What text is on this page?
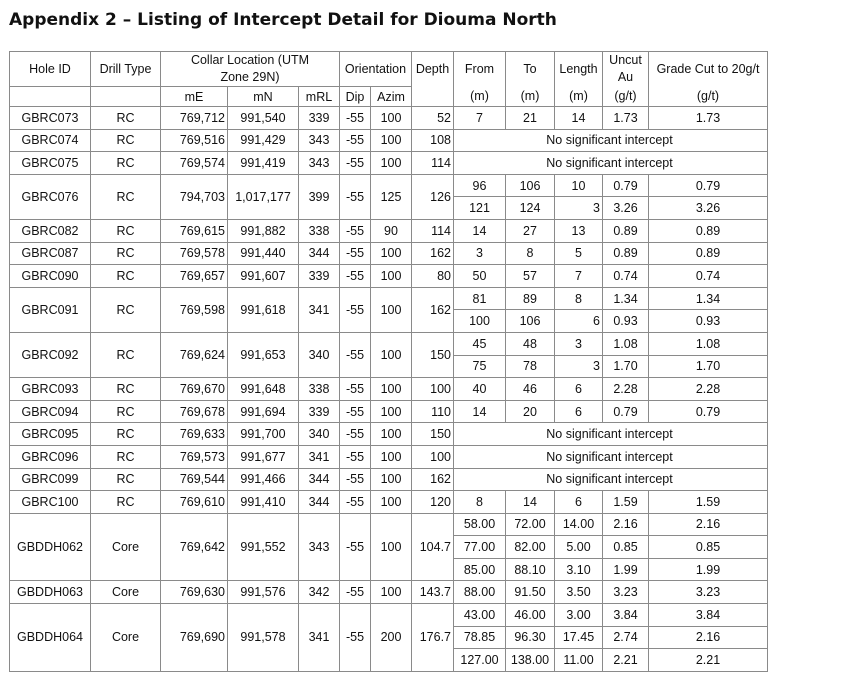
Appendix 2 – Listing of Intercept Detail for Diouma North
Hole ID	Drill Type	Collar Location (UTM Zone 29N)			Orientation		Depth	From	To	Length	Uncut Au	Grade Cut to 20g/t

		mE	mN	mRL	Dip	Azim		(m)	(m)	(m)	(g/t)	(g/t)
GBRC073	RC	769,712	991,540	339	-55	100	52	7	21	14	1.73	1.73
GBRC074	RC	769,516	991,429	343	-55	100	108	No significant intercept				
GBRC075	RC	769,574	991,419	343	-55	100	114	No significant intercept				
GBRC076	RC	794,703	1,017,177	399	-55	125	126	96	106	10	0.79	0.79
								121	124	3	3.26	3.26
GBRC082	RC	769,615	991,882	338	-55	90	114	14	27	13	0.89	0.89
GBRC087	RC	769,578	991,440	344	-55	100	162	3	8	5	0.89	0.89
GBRC090	RC	769,657	991,607	339	-55	100	80	50	57	7	0.74	0.74
GBRC091	RC	769,598	991,618	341	-55	100	162	81	89	8	1.34	1.34
								100	106	6	0.93	0.93
GBRC092	RC	769,624	991,653	340	-55	100	150	45	48	3	1.08	1.08
								75	78	3	1.70	1.70
GBRC093	RC	769,670	991,648	338	-55	100	100	40	46	6	2.28	2.28
GBRC094	RC	769,678	991,694	339	-55	100	110	14	20	6	0.79	0.79
GBRC095	RC	769,633	991,700	340	-55	100	150	No significant intercept				
GBRC096	RC	769,573	991,677	341	-55	100	100	No significant intercept				
GBRC099	RC	769,544	991,466	344	-55	100	162	No significant intercept				
GBRC100	RC	769,610	991,410	344	-55	100	120	8	14	6	1.59	1.59
GBDDH062	Core	769,642	991,552	343	-55	100	104.7	58.00	72.00	14.00	2.16	2.16
								77.00	82.00	5.00	0.85	0.85
								85.00	88.10	3.10	1.99	1.99
GBDDH063	Core	769,630	991,576	342	-55	100	143.7	88.00	91.50	3.50	3.23	3.23
GBDDH064	Core	769,690	991,578	341	-55	200	176.7	43.00	46.00	3.00	3.84	3.84
								78.85	96.30	17.45	2.74	2.16
								127.00	138.00	11.00	2.21	2.21
